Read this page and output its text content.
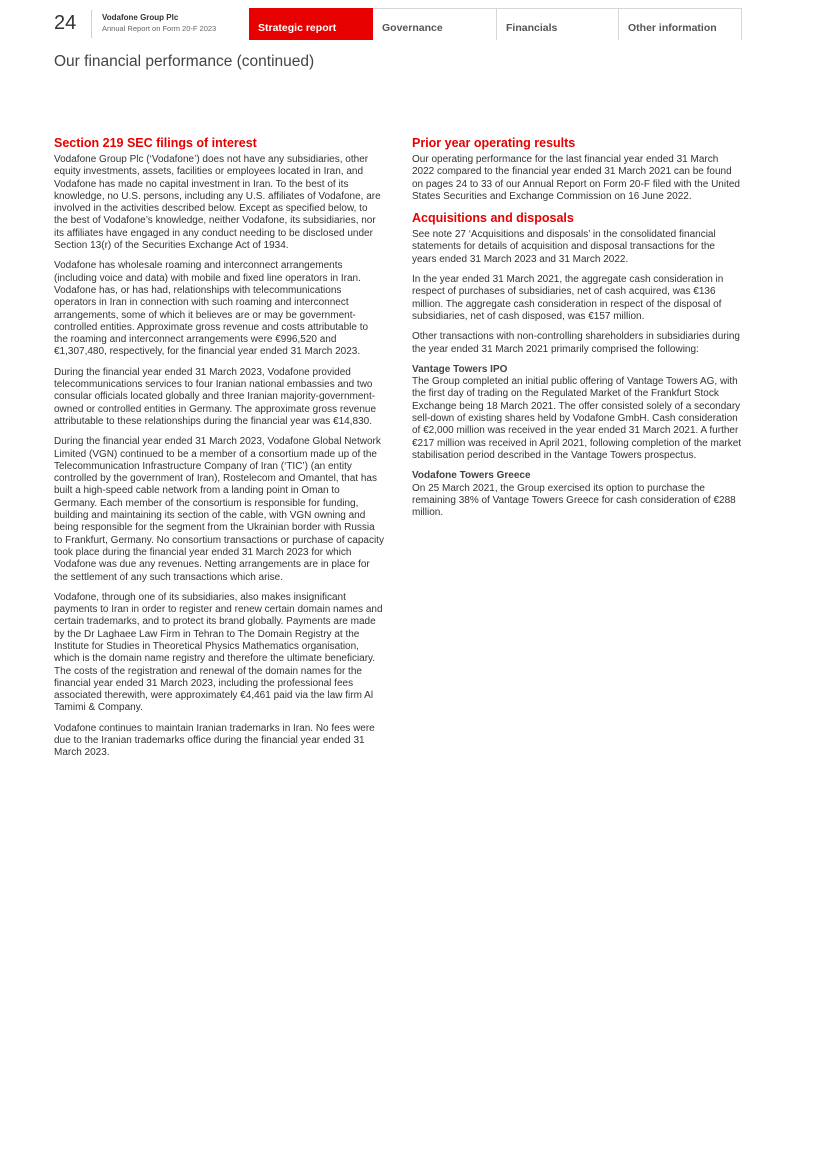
24	Vodafone Group Plc
Annual Report on Form 20-F 2023	Strategic report	Governance	Financials	Other information
Our financial performance (continued)
Section 219 SEC filings of interest

Vodafone Group Plc (‘Vodafone’) does not have any subsidiaries, other equity investments, assets, facilities or employees located in Iran, and Vodafone has made no capital investment in Iran. To the best of its knowledge, no U.S. persons, including any U.S. affiliates of Vodafone, are involved in the activities described below. Except as specified below, to the best of Vodafone’s knowledge, neither Vodafone, its subsidiaries, nor its affiliates have engaged in any conduct needing to be disclosed under Section 13(r) of the Securities Exchange Act of 1934.

Vodafone has wholesale roaming and interconnect arrangements (including voice and data) with mobile and fixed line operators in Iran. Vodafone has, or has had, relationships with telecommunications operators in Iran in connection with such roaming and interconnect arrangements, some of which it believes are or may be government-controlled entities. Approximate gross revenue and costs attributable to the roaming and interconnect arrangements were €996,520 and €1,307,480, respectively, for the financial year ended 31 March 2023.

During the financial year ended 31 March 2023, Vodafone provided telecommunications services to four Iranian national embassies and two consular officials located globally and three Iranian majority-government-owned or controlled entities in Germany. The approximate gross revenue attributable to these relationships during the financial year was €14,830.

During the financial year ended 31 March 2023, Vodafone Global Network Limited (VGN) continued to be a member of a consortium made up of the Telecommunication Infrastructure Company of Iran (‘TIC’) (an entity controlled by the government of Iran), Rostelecom and Omantel, that has built a high-speed cable network from a landing point in Oman to Germany. Each member of the consortium is responsible for funding, building and maintaining its section of the cable, with VGN owning and being responsible for the segment from the Ukrainian border with Russia to Frankfurt, Germany. No consortium transactions or purchase of capacity took place during the financial year ended 31 March 2023 for which Vodafone was due any revenues. Netting arrangements are in place for the settlement of any such transactions which arise.

Vodafone, through one of its subsidiaries, also makes insignificant payments to Iran in order to register and renew certain domain names and certain trademarks, and to protect its brand globally. Payments are made by the Dr Laghaee Law Firm in Tehran to The Domain Registry at the Institute for Studies in Theoretical Physics Mathematics organisation, which is the domain name registry and therefore the ultimate beneficiary. The costs of the registration and renewal of the domain names for the financial year ended 31 March 2023, including the professional fees associated therewith, were approximately €4,461 paid via the law firm Al Tamimi & Company.

Vodafone continues to maintain Iranian trademarks in Iran. No fees were due to the Iranian trademarks office during the financial year ended 31 March 2023.

Prior year operating results

Our operating performance for the last financial year ended 31 March 2022 compared to the financial year ended 31 March 2021 can be found on pages 24 to 33 of our Annual Report on Form 20-F filed with the United States Securities and Exchange Commission on 16 June 2022.

Acquisitions and disposals

See note 27 ‘Acquisitions and disposals’ in the consolidated financial statements for details of acquisition and disposal transactions for the years ended 31 March 2023 and 31 March 2022.

In the year ended 31 March 2021, the aggregate cash consideration in respect of purchases of subsidiaries, net of cash acquired, was €136 million. The aggregate cash consideration in respect of the disposal of subsidiaries, net of cash disposed, was €157 million.

Other transactions with non-controlling shareholders in subsidiaries during the year ended 31 March 2021 primarily comprised the following:

Vantage Towers IPO

The Group completed an initial public offering of Vantage Towers AG, with the first day of trading on the Regulated Market of the Frankfurt Stock Exchange being 18 March 2021. The offer consisted solely of a secondary sell-down of existing shares held by Vodafone GmbH. Cash consideration of €2,000 million was received in the year ended 31 March 2021. A further €217 million was received in April 2021, following completion of the market stabilisation period described in the Vantage Towers prospectus.

Vodafone Towers Greece

On 25 March 2021, the Group exercised its option to purchase the remaining 38% of Vantage Towers Greece for cash consideration of €288 million.
